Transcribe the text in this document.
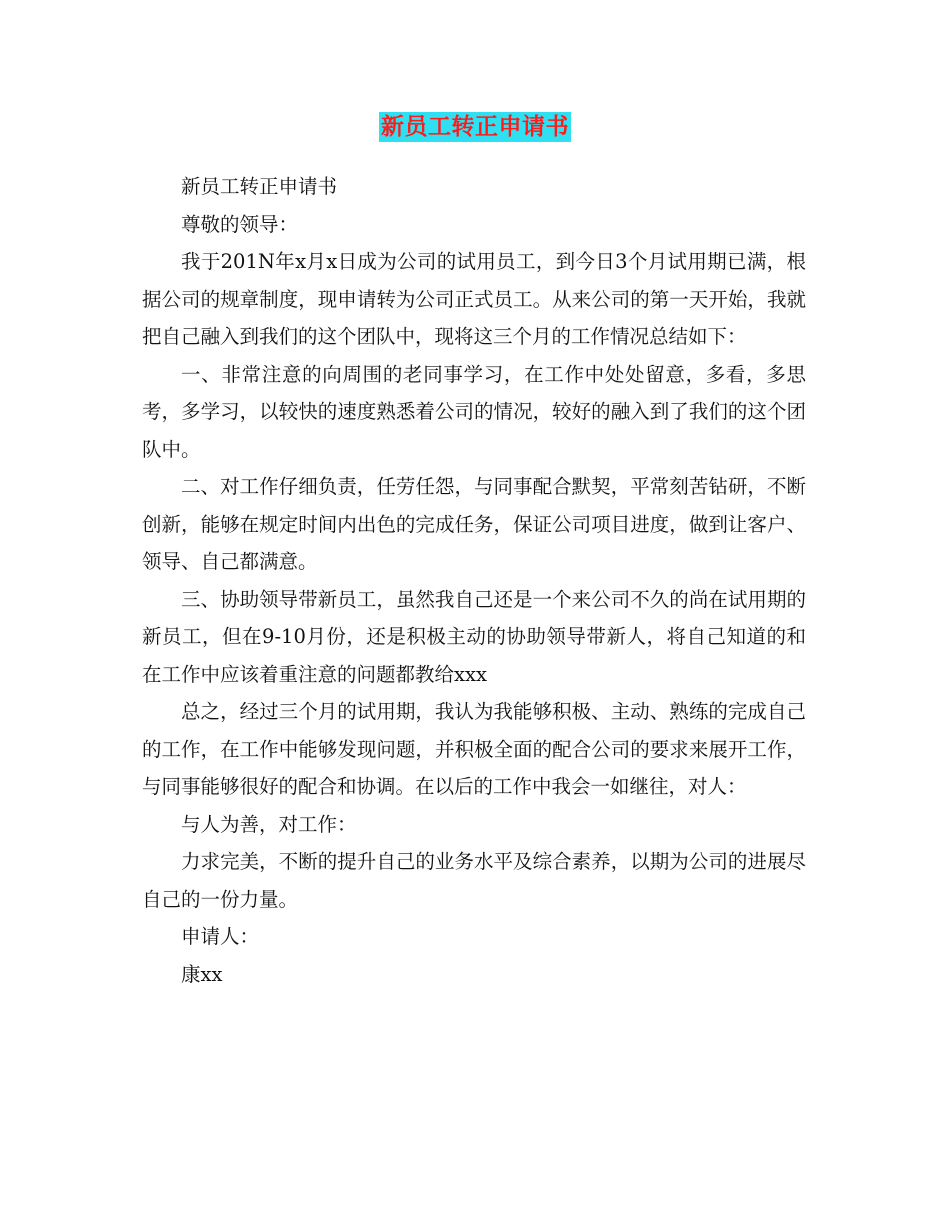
新员工转正申请书

新员工转正申请书

尊敬的领导：

我于201N年x月x日成为公司的试用员工，到今日3个月试用期已满，根据公司的规章制度，现申请转为公司正式员工。从来公司的第一天开始，我就把自己融入到我们的这个团队中，现将这三个月的工作情况总结如下：

一、非常注意的向周围的老同事学习，在工作中处处留意，多看，多思考，多学习，以较快的速度熟悉着公司的情况，较好的融入到了我们的这个团队中。

二、对工作仔细负责，任劳任怨，与同事配合默契，平常刻苦钻研，不断创新，能够在规定时间内出色的完成任务，保证公司项目进度，做到让客户、领导、自己都满意。

三、协助领导带新员工，虽然我自己还是一个来公司不久的尚在试用期的新员工，但在9-10月份，还是积极主动的协助领导带新人，将自己知道的和在工作中应该着重注意的问题都教给xxx

总之，经过三个月的试用期，我认为我能够积极、主动、熟练的完成自己的工作，在工作中能够发现问题，并积极全面的配合公司的要求来展开工作，与同事能够很好的配合和协调。在以后的工作中我会一如继往，对人：

与人为善，对工作：

力求完美，不断的提升自己的业务水平及综合素养，以期为公司的进展尽自己的一份力量。

申请人：

康xx
